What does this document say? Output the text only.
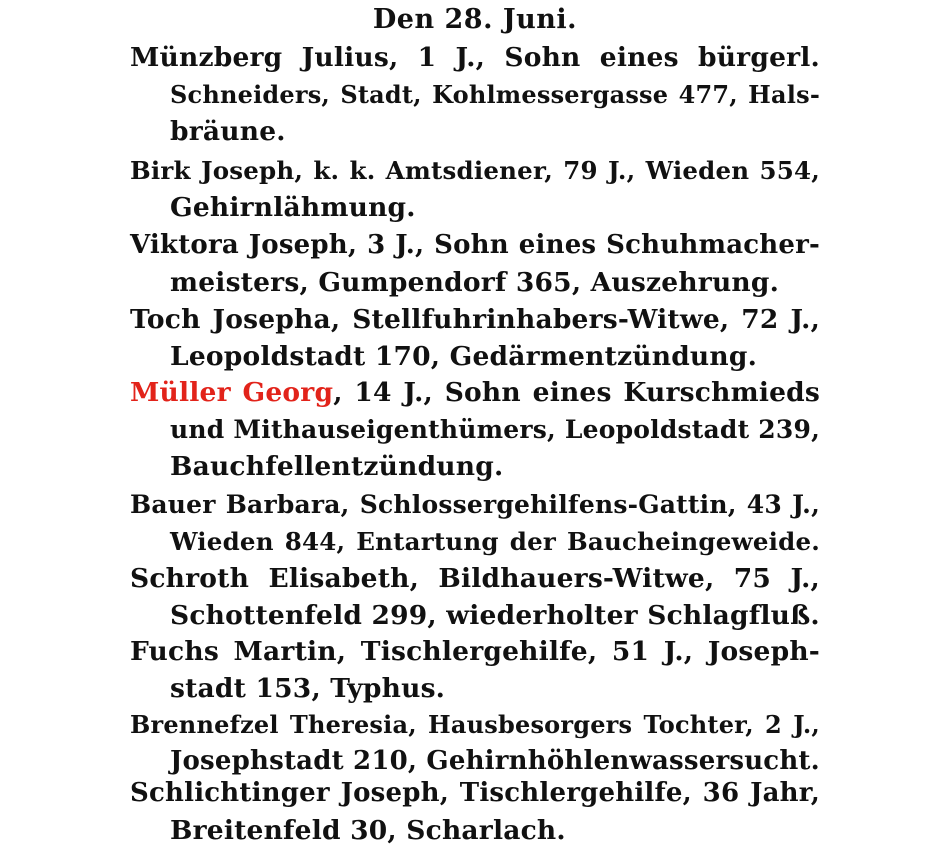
Den 28. Juni.
Münzberg Julius, 1 J., Sohn eines bürgerl.
Schneiders, Stadt, Kohlmessergasse 477, Hals-
bräune.
Birk Joseph, k. k. Amtsdiener, 79 J., Wieden 554,
Gehirnlähmung.
Viktora Joseph, 3 J., Sohn eines Schuhmacher-
meisters, Gumpendorf 365, Auszehrung.
Toch Josepha, Stellfuhrinhabers-Witwe, 72 J.,
Leopoldstadt 170, Gedärmentzündung.
Müller Georg, 14 J., Sohn eines Kurschmieds
und Mithauseigenthümers, Leopoldstadt 239,
Bauchfellentzündung.
Bauer Barbara, Schlossergehilfens-Gattin, 43 J.,
Wieden 844, Entartung der Baucheingeweide.
Schroth Elisabeth, Bildhauers-Witwe, 75 J.,
Schottenfeld 299, wiederholter Schlagfluß.
Fuchs Martin, Tischlergehilfe, 51 J., Joseph-
stadt 153, Typhus.
Brennefzel Theresia, Hausbesorgers Tochter, 2 J.,
Josephstadt 210, Gehirnhöhlenwassersucht.
Schlichtinger Joseph, Tischlergehilfe, 36 Jahr,
Breitenfeld 30, Scharlach.
